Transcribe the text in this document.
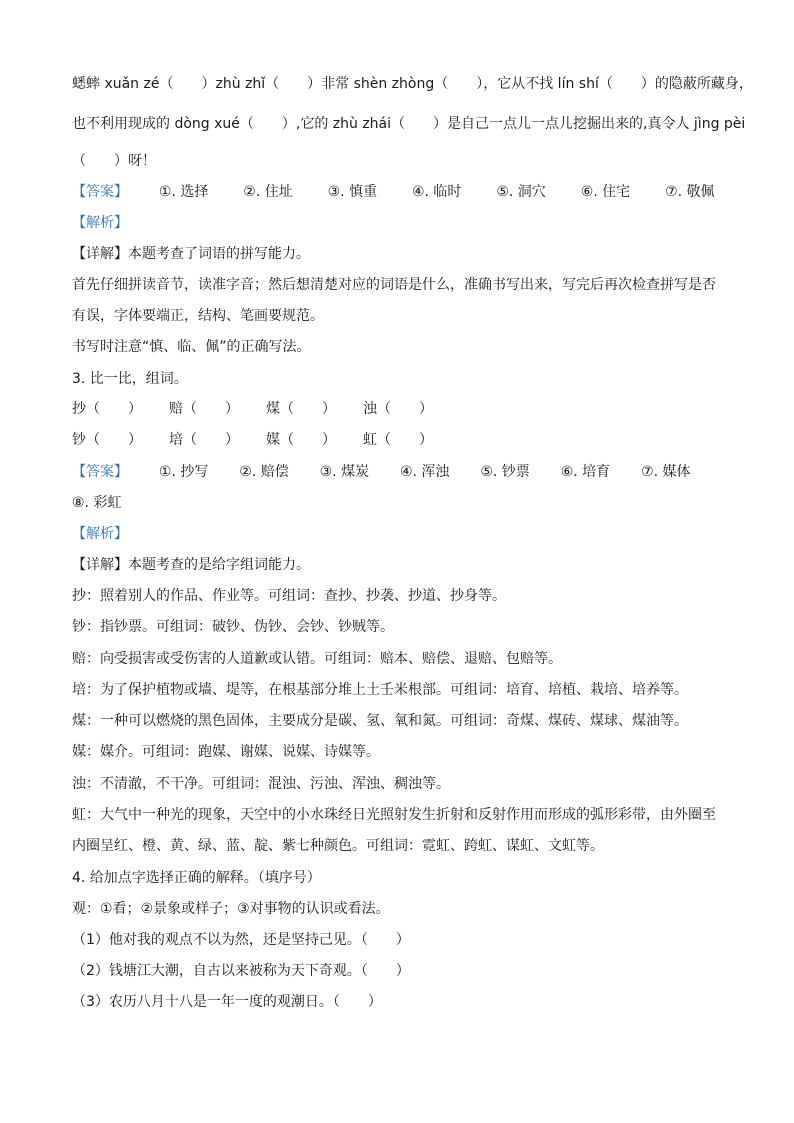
蟋蟀 xuǎn zé（　　）zhù zhǐ（　　）非常 shèn zhòng（　　），它从不找 lín shí（　　）的隐蔽所藏身，
也不利用现成的 dòng xué（　　）,它的 zhù zhái（　　）是自己一点儿一点儿挖掘出来的,真令人 jìng pèi
（　　）呀！
【答案】 ①. 选择 ②. 住址 ③. 慎重 ④. 临时 ⑤. 洞穴 ⑥. 住宅 ⑦. 敬佩
【解析】
【详解】本题考查了词语的拼写能力。
首先仔细拼读音节，读准字音；然后想清楚对应的词语是什么，准确书写出来，写完后再次检查拼写是否
有误，字体要端正，结构、笔画要规范。
书写时注意“慎、临、佩”的正确写法。
3. 比一比，组词。
抄（　　） 赔（　　） 煤（　　） 浊（　　）
钞（　　） 培（　　） 媒（　　） 虹（　　）
【答案】 ①. 抄写 ②. 赔偿 ③. 煤炭 ④. 浑浊 ⑤. 钞票 ⑥. 培育 ⑦. 媒体
⑧. 彩虹
【解析】
【详解】本题考查的是给字组词能力。
抄：照着别人的作品、作业等。可组词：查抄、抄袭、抄道、抄身等。
钞：指钞票。可组词：破钞、伪钞、会钞、钞贼等。
赔：向受损害或受伤害的人道歉或认错。可组词：赔本、赔偿、退赔、包赔等。
培：为了保护植物或墙、堤等，在根基部分堆上土壬米根部。可组词：培育、培植、栽培、培养等。
煤：一种可以燃烧的黑色固体，主要成分是碳、氢、氧和氮。可组词：奇煤、煤砖、煤球、煤油等。
媒：媒介。可组词：跑媒、谢媒、说媒、诗媒等。
浊：不清澈，不干净。可组词：混浊、污浊、浑浊、稠浊等。
虹：大气中一种光的现象，天空中的小水珠经日光照射发生折射和反射作用而形成的弧形彩带，由外圈至
内圈呈红、橙、黄、绿、蓝、靛、紫七种颜色。可组词：霓虹、跨虹、谋虹、文虹等。
4. 给加点字选择正确的解释。（填序号）
观：①看；②景象或样子；③对事物的认识或看法。
（1）他对我的观点不以为然，还是坚持己见。（　　）
（2）钱塘江大潮，自古以来被称为天下奇观。（　　）
（3）农历八月十八是一年一度的观潮日。（　　）
